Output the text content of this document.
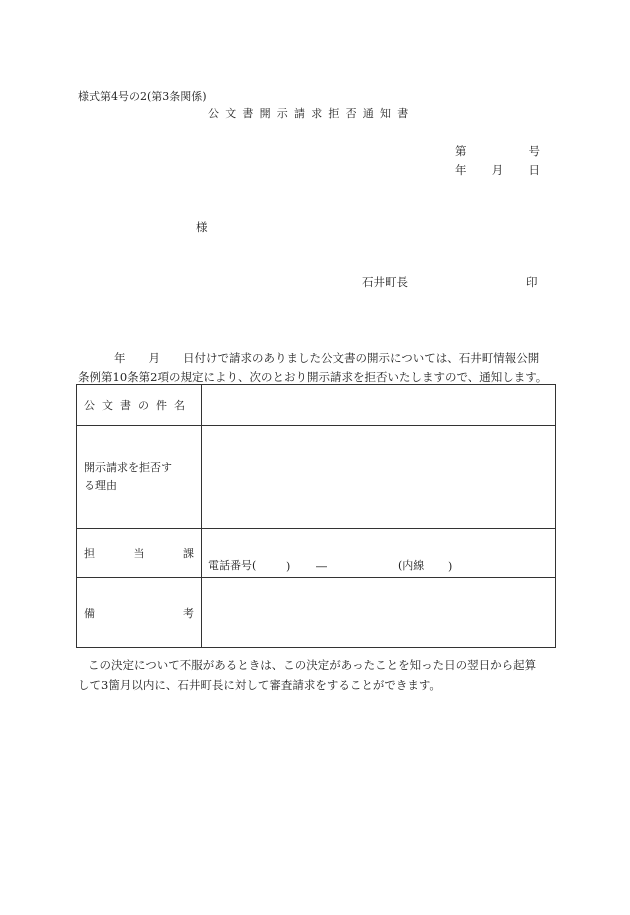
様式第4号の2(第3条関係)
公文書開示請求拒否通知書
第	号
年 月 日
様
石井町長	印
年　　月　　日付けで請求のありました公文書の開示については、石井町情報公開
条例第10条第2項の規定により、次のとおり開示請求を拒否いたしますので、通知します。
公文書の件名	

開示請求を拒否する理由	

担 当 課	電話番号( ) ― (内線 )

備 考	

この決定について不服があるときは、この決定があったことを知った日の翌日から起算
して3箇月以内に、石井町長に対して審査請求をすることができます。
